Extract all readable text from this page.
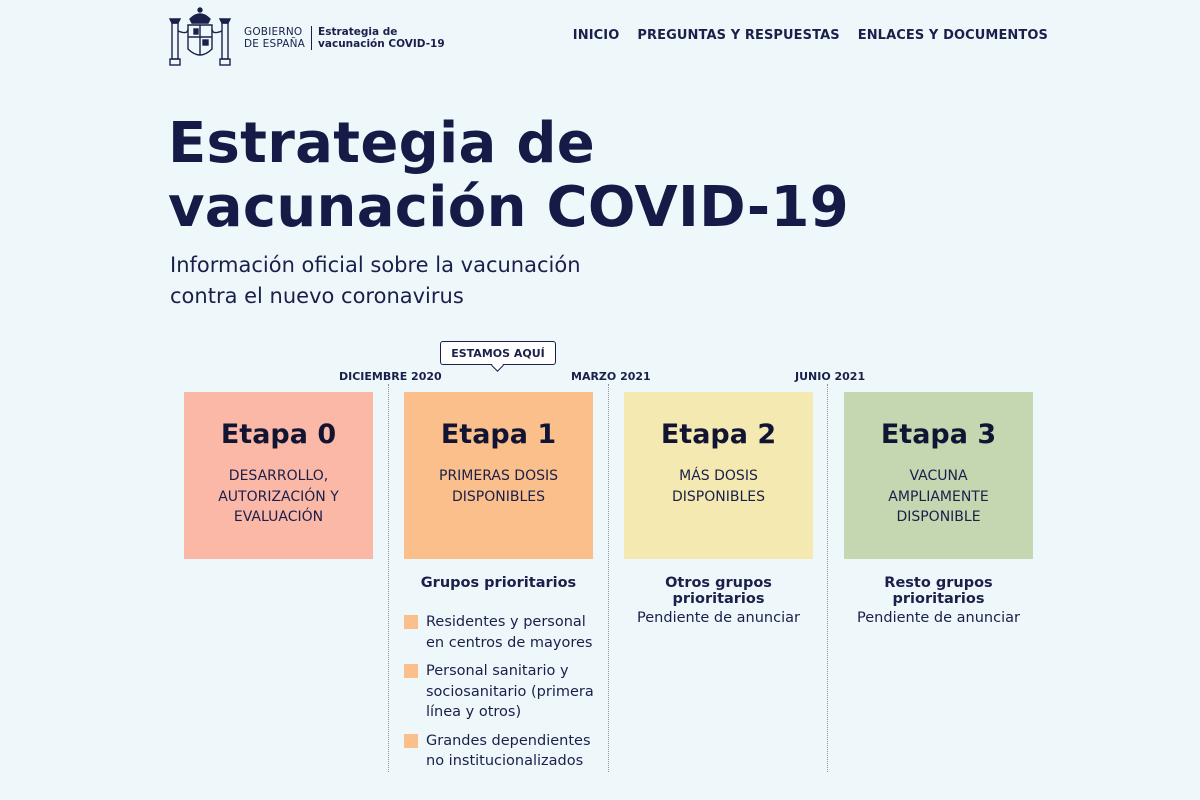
GOBIERNO
DE ESPAÑA
Estrategia de
vacunación COVID-19
INICIO PREGUNTAS Y RESPUESTAS ENLACES Y DOCUMENTOS
Estrategia de
vacunación COVID-19

Información oficial sobre la vacunación
contra el nuevo coronavirus

ESTAMOS AQUÍ
DICIEMBRE 2020	MARZO 2021	JUNIO 2021
Etapa 0
DESARROLLO, AUTORIZACIÓN Y EVALUACIÓN
Etapa 1
PRIMERAS DOSIS DISPONIBLES
Etapa 2
MÁS DOSIS DISPONIBLES
Etapa 3
VACUNA AMPLIAMENTE DISPONIBLE
Grupos prioritarios
Residentes y personal en centros de mayores
Personal sanitario y sociosanitario (primera línea y otros)
Grandes dependientes no institucionalizados
Otros grupos prioritarios
Pendiente de anunciar
Resto grupos prioritarios
Pendiente de anunciar
